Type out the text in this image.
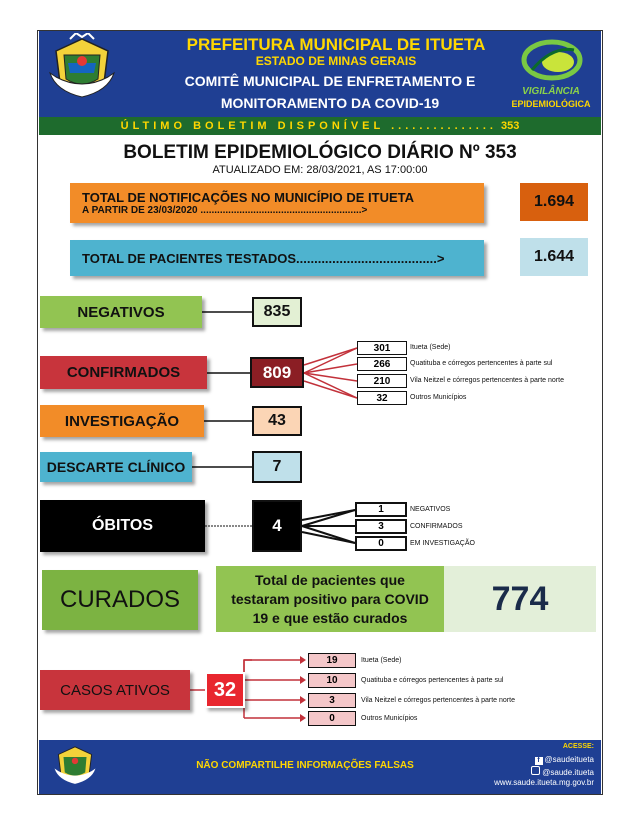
PREFEITURA MUNICIPAL DE ITUETA
ESTADO DE MINAS GERAIS
COMITÊ MUNICIPAL DE ENFRETAMENTO E
MONITORAMENTO DA COVID-19
VIGILÂNCIA
EPIDEMIOLÓGICA
ÚLTIMO BOLETIM DISPONÍVEL ............... 353
BOLETIM EPIDEMIOLÓGICO DIÁRIO Nº 353
ATUALIZADO EM: 28/03/2021, AS 17:00:00
TOTAL DE NOTIFICAÇÕES NO MUNICÍPIO DE ITUETA
A PARTIR DE 23/03/2020 ..........................................................>
1.694
TOTAL DE PACIENTES TESTADOS.......................................>	1.644
NEGATIVOS	835
CONFIRMADOS	809
301	Itueta (Sede)
266	Quatituba e córregos pertencentes à parte sul
210	Vila Neitzel e córregos pertencentes à parte norte
32	Outros Municípios
INVESTIGAÇÃO	43
DESCARTE CLÍNICO	7
ÓBITOS	4
1	NEGATIVOS
3	CONFIRMADOS
0	EM INVESTIGAÇÃO
CURADOS
Total de pacientes que testaram positivo para COVID 19 e que estão curados	774
CASOS ATIVOS	32
19	Itueta (Sede)
10	Quatituba e córregos pertencentes à parte sul
3	Vila Neitzel e córregos pertencentes à parte norte
0	Outros Municípios
NÃO COMPARTILHE INFORMAÇÕES FALSAS
ACESSE:
f @saudeitueta
@saude.itueta
www.saude.itueta.mg.gov.br
